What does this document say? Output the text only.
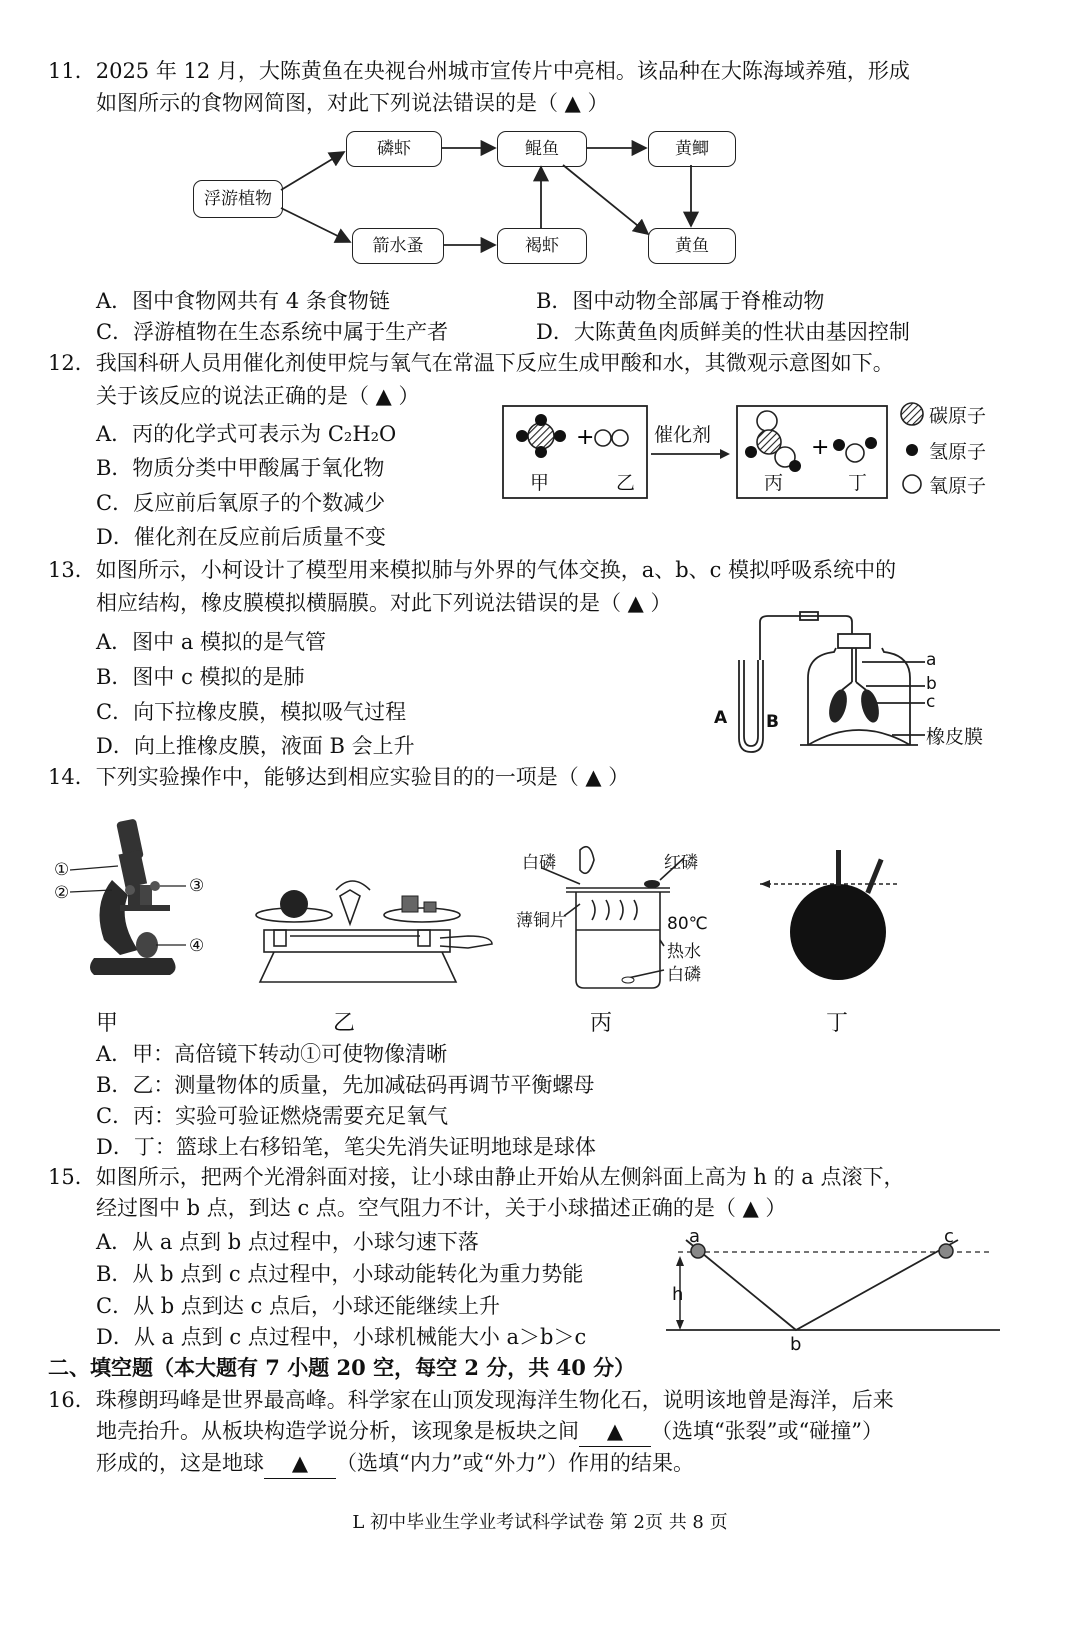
11．2025 年 12 月，大陈黄鱼在央视台州城市宣传片中亮相。该品种在大陈海域养殖，形成
如图所示的食物网简图，对此下列说法错误的是（ ▲ ）
浮游植物
磷虾
箭水蚤
鲲鱼
褐虾
黄鲫
黄鱼
A．图中食物网共有 4 条食物链	B．图中动物全部属于脊椎动物
C．浮游植物在生态系统中属于生产者	D．大陈黄鱼肉质鲜美的性状由基因控制
12．我国科研人员用催化剂使甲烷与氧气在常温下反应生成甲酸和水，其微观示意图如下。
关于该反应的说法正确的是（ ▲ ）
A．丙的化学式可表示为 C₂H₂O
B．物质分类中甲酸属于氧化物
C．反应前后氧原子的个数减少
D．催化剂在反应前后质量不变
+	+
催化剂
甲	乙	丙	丁
碳原子
氢原子
氧原子
13．如图所示，小柯设计了模型用来模拟肺与外界的气体交换，a、b、c 模拟呼吸系统中的
相应结构，橡皮膜模拟横膈膜。对此下列说法错误的是（ ▲ ）
A．图中 a 模拟的是气管
B．图中 c 模拟的是肺
C．向下拉橡皮膜，模拟吸气过程
D．向上推橡皮膜，液面 B 会上升
a
b
c
A B
橡皮膜
14．下列实验操作中，能够达到相应实验目的的一项是（ ▲ ）
①
②	③
④
白磷	红磷
薄铜片	80℃
热水
白磷
甲	乙	丙	丁
A．甲：高倍镜下转动①可使物像清晰
B．乙：测量物体的质量，先加减砝码再调节平衡螺母
C．丙：实验可验证燃烧需要充足氧气
D．丁：篮球上右移铅笔，笔尖先消失证明地球是球体
15．如图所示，把两个光滑斜面对接，让小球由静止开始从左侧斜面上高为 h 的 a 点滚下，
经过图中 b 点，到达 c 点。空气阻力不计，关于小球描述正确的是（ ▲ ）
A．从 a 点到 b 点过程中，小球匀速下落
B．从 b 点到 c 点过程中，小球动能转化为重力势能
C．从 b 点到达 c 点后，小球还能继续上升
D．从 a 点到 c 点过程中，小球机械能大小 a＞b＞c
a	c
h
b
二、填空题（本大题有 7 小题 20 空，每空 2 分，共 40 分）
16．珠穆朗玛峰是世界最高峰。科学家在山顶发现海洋生物化石，说明该地曾是海洋，后来
地壳抬升。从板块构造学说分析，该现象是板块之间 ▲ （选填“张裂”或“碰撞”）
形成的，这是地球 ▲ （选填“内力”或“外力”）作用的结果。
L 初中毕业生学业考试科学试卷 第 2页 共 8 页
